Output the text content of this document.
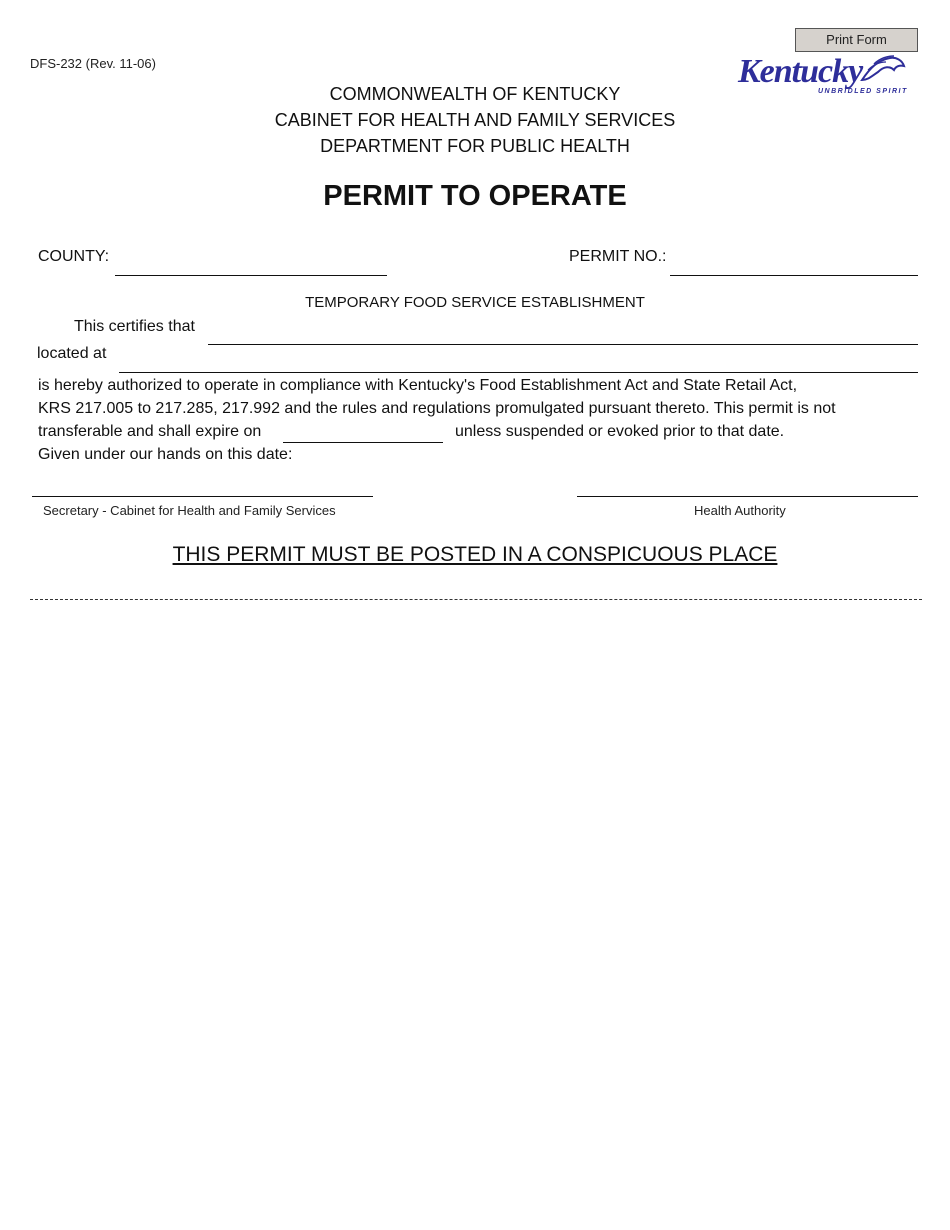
DFS-232 (Rev. 11-06)
Print Form
Kentucky
UNBRIDLED SPIRIT
COMMONWEALTH OF KENTUCKY
CABINET FOR HEALTH AND FAMILY SERVICES
DEPARTMENT FOR PUBLIC HEALTH
PERMIT TO OPERATE
COUNTY:	PERMIT NO.:
TEMPORARY FOOD SERVICE ESTABLISHMENT
This certifies that
located at
is hereby authorized to operate in compliance with Kentucky's Food Establishment Act and State Retail Act,
KRS 217.005 to 217.285, 217.992 and the rules and regulations promulgated pursuant thereto. This permit is not
transferable and shall expire on	unless suspended or evoked prior to that date.
Given under our hands on this date:
Secretary - Cabinet for Health and Family Services	Health Authority
THIS PERMIT MUST BE POSTED IN A CONSPICUOUS PLACE
